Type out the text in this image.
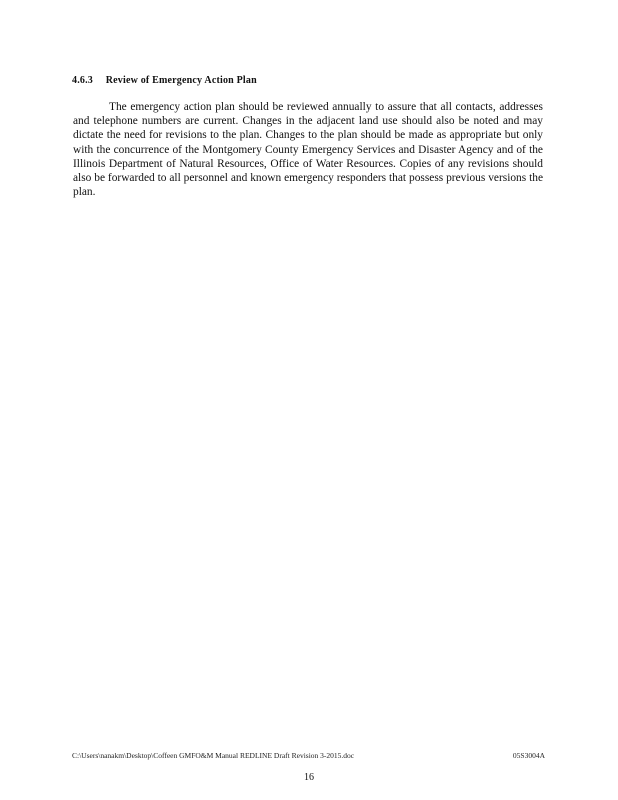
4.6.3 Review of Emergency Action Plan

The emergency action plan should be reviewed annually to assure that all contacts, addresses and telephone numbers are current. Changes in the adjacent land use should also be noted and may dictate the need for revisions to the plan. Changes to the plan should be made as appropriate but only with the concurrence of the Montgomery County Emergency Services and Disaster Agency and of the Illinois Department of Natural Resources, Office of Water Resources. Copies of any revisions should also be forwarded to all personnel and known emergency responders that possess previous versions the plan.

C:\Users\nanakm\Desktop\Coffeen GMFO&M Manual REDLINE Draft Revision 3-2015.doc	05S3004A
16
